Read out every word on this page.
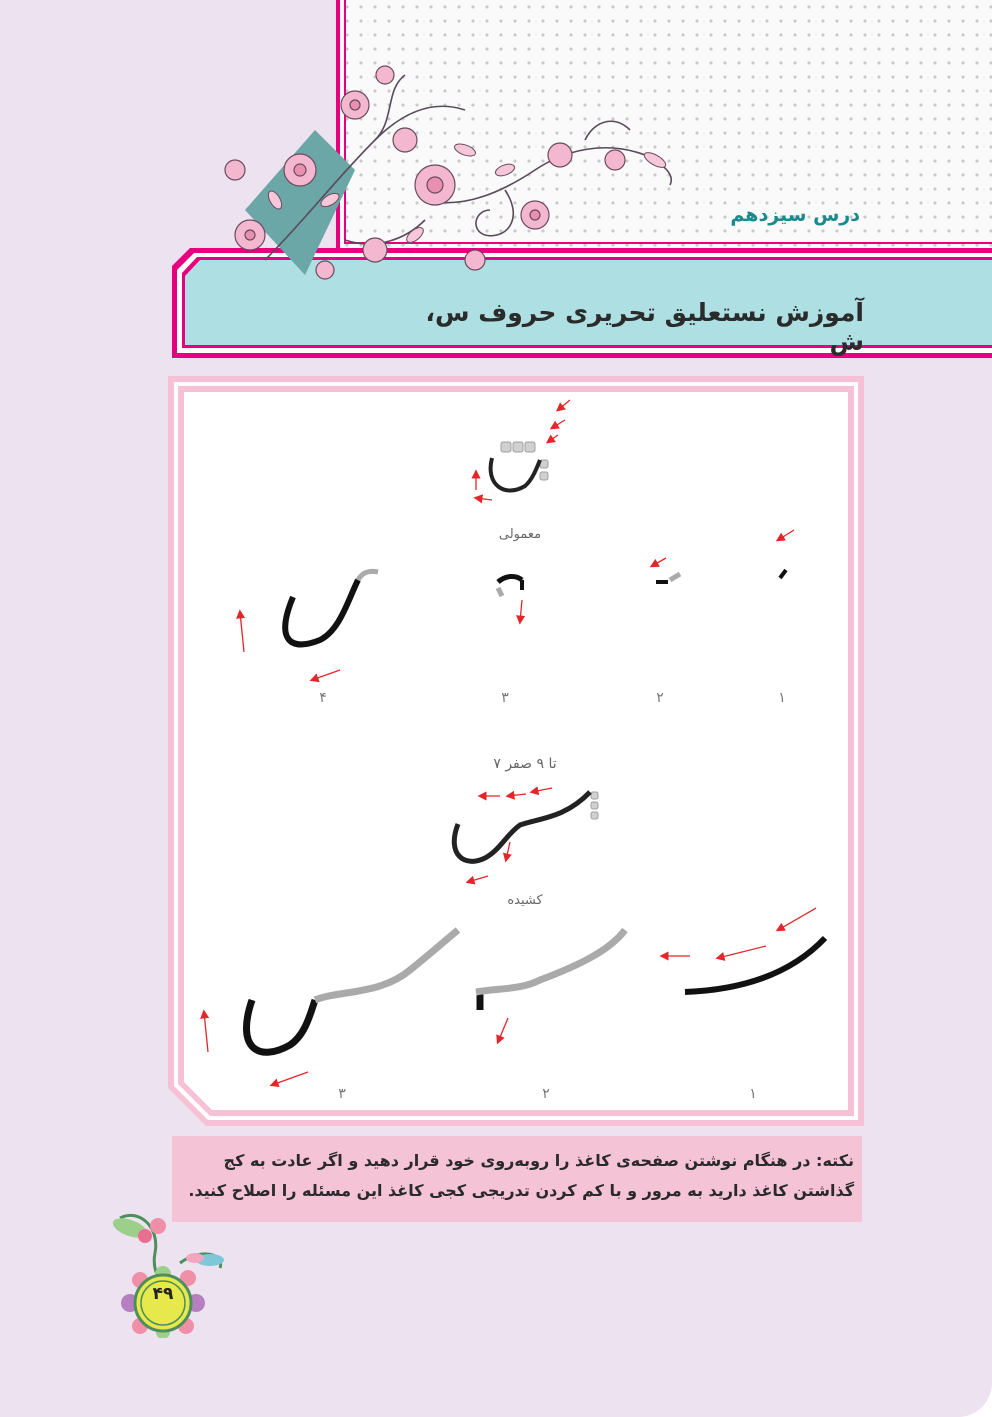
درس سیزدهم
آموزش نستعلیق تحریری حروف س، ش
معمولی
۴	۳	۲	۱
۷ تا ۹ صفر
کشیده
۳	۲	۱
نکته: در هنگام نوشتن صفحه‌ی کاغذ را روبه‌روی خود قرار دهید و اگر عادت به کج
گذاشتن کاغذ دارید به مرور و با کم کردن تدریجی کجی کاغذ این مسئله را اصلاح کنید.
۴۹
